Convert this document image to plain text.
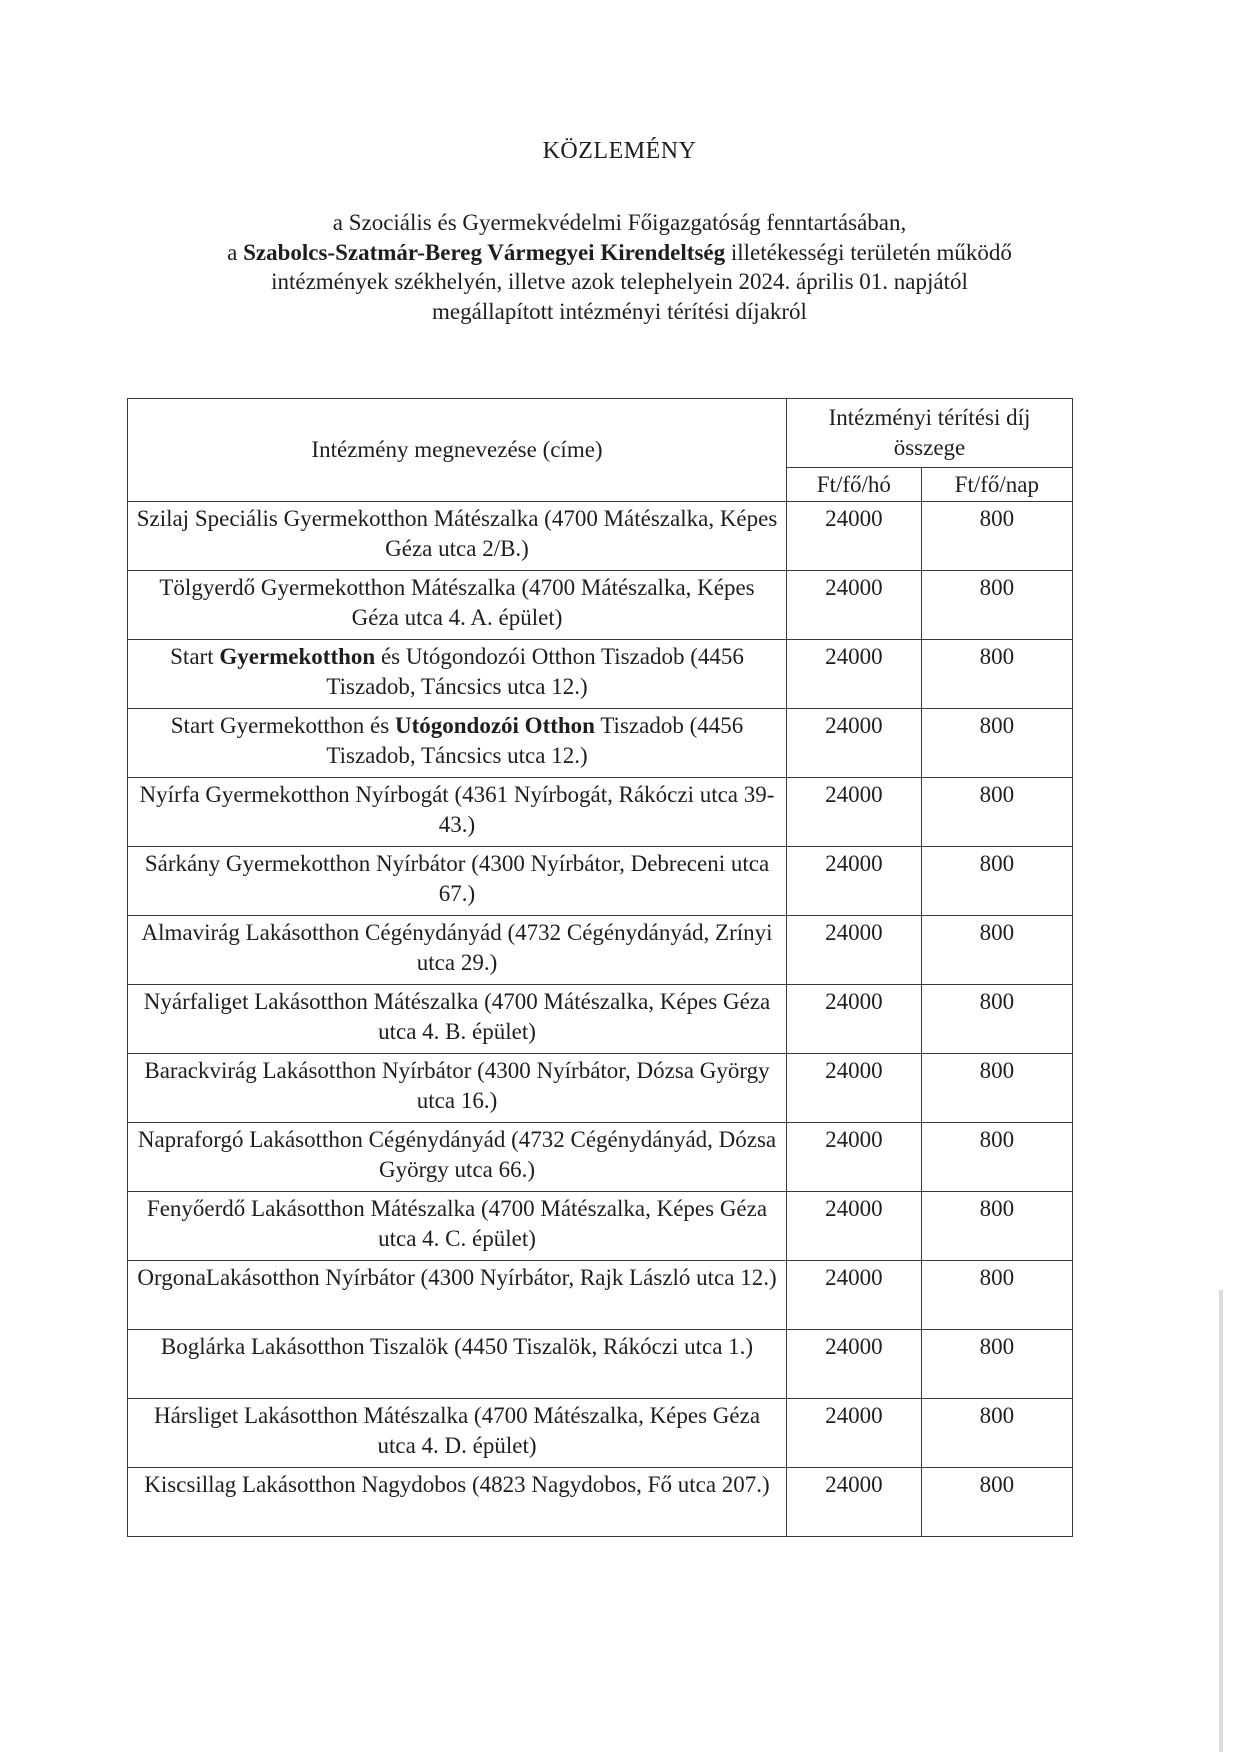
KÖZLEMÉNY
a Szociális és Gyermekvédelmi Főigazgatóság fenntartásában,
a Szabolcs-Szatmár-Bereg Vármegyei Kirendeltség illetékességi területén működő
intézmények székhelyén, illetve azok telephelyein 2024. április 01. napjától
megállapított intézményi térítési díjakról
Intézmény megnevezése (címe)	Intézményi térítési díj összege	
	Ft/fő/hó	Ft/fő/nap
Szilaj Speciális Gyermekotthon Mátészalka (4700 Mátészalka, Képes Géza utca 2/B.)	24000	800
Tölgyerdő Gyermekotthon Mátészalka (4700 Mátészalka, Képes Géza utca 4. A. épület)	24000	800
Start Gyermekotthon és Utógondozói Otthon Tiszadob (4456 Tiszadob, Táncsics utca 12.)	24000	800
Start Gyermekotthon és Utógondozói Otthon Tiszadob (4456 Tiszadob, Táncsics utca 12.)	24000	800
Nyírfa Gyermekotthon Nyírbogát (4361 Nyírbogát, Rákóczi utca 39-43.)	24000	800
Sárkány Gyermekotthon Nyírbátor (4300 Nyírbátor, Debreceni utca 67.)	24000	800
Almavirág Lakásotthon Cégénydányád (4732 Cégénydányád, Zrínyi utca 29.)	24000	800
Nyárfaliget Lakásotthon Mátészalka (4700 Mátészalka, Képes Géza utca 4. B. épület)	24000	800
Barackvirág Lakásotthon Nyírbátor (4300 Nyírbátor, Dózsa György utca 16.)	24000	800
Napraforgó Lakásotthon Cégénydányád (4732 Cégénydányád, Dózsa György utca 66.)	24000	800
Fenyőerdő Lakásotthon Mátészalka (4700 Mátészalka, Képes Géza utca 4. C. épület)	24000	800
OrgonaLakásotthon Nyírbátor (4300 Nyírbátor, Rajk László utca 12.)	24000	800
Boglárka Lakásotthon Tiszalök (4450 Tiszalök, Rákóczi utca 1.)	24000	800
Hársliget Lakásotthon Mátészalka (4700 Mátészalka, Képes Géza utca 4. D. épület)	24000	800
Kiscsillag Lakásotthon Nagydobos (4823 Nagydobos, Fő utca 207.)	24000	800
